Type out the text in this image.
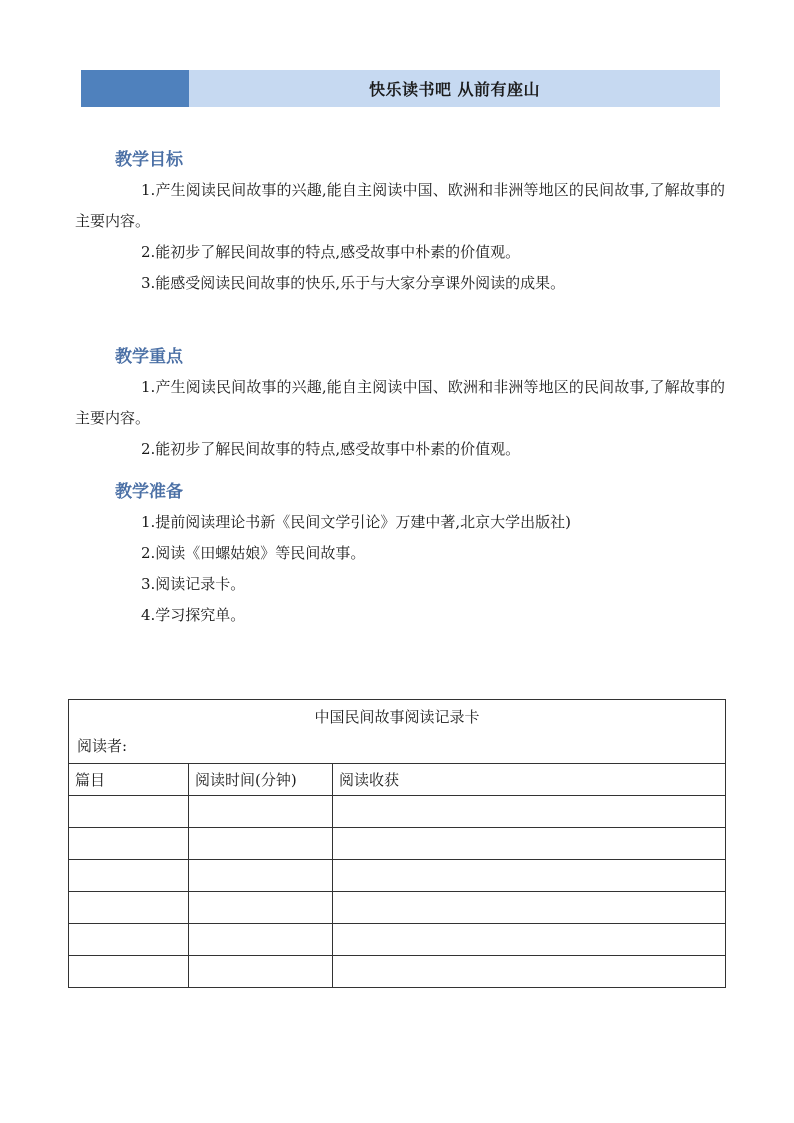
快乐读书吧 从前有座山
教学目标

1.产生阅读民间故事的兴趣,能自主阅读中国、欧洲和非洲等地区的民间故事,了解故事的主要内容。

2.能初步了解民间故事的特点,感受故事中朴素的价值观。

3.能感受阅读民间故事的快乐,乐于与大家分享课外阅读的成果。

教学重点

1.产生阅读民间故事的兴趣,能自主阅读中国、欧洲和非洲等地区的民间故事,了解故事的主要内容。

2.能初步了解民间故事的特点,感受故事中朴素的价值观。

教学准备

1.提前阅读理论书新《民间文学引论》万建中著,北京大学出版社)

2.阅读《田螺姑娘》等民间故事。

3.阅读记录卡。

4.学习探究单。

中国民间故事阅读记录卡
阅读者:		

篇目	阅读时间(分钟)	阅读收获
